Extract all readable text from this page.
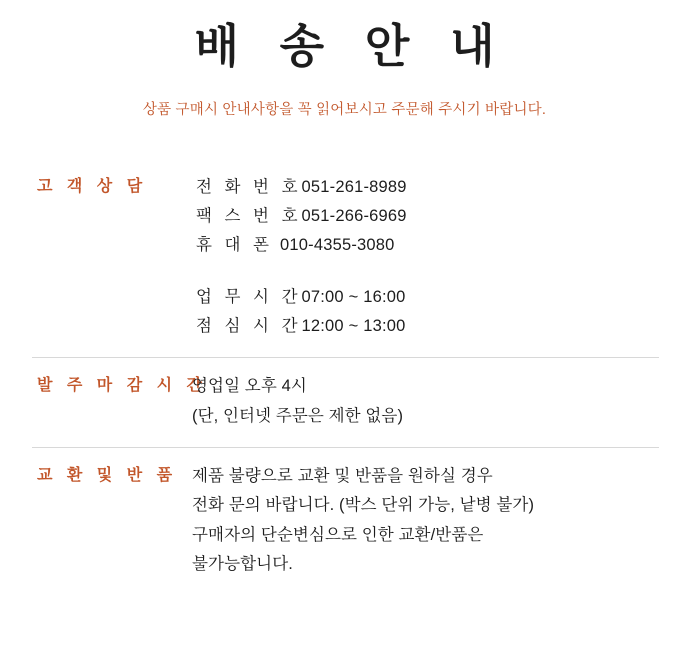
배 송 안 내
상품 구매시 안내사항을 꼭 읽어보시고 주문해 주시기 바랍니다.
고 객 상 담	전 화 번 호051-261-8989
팩 스 번 호051-266-6969
휴 대 폰 010-4355-3080
업 무 시 간07:00 ~ 16:00
점 심 시 간12:00 ~ 13:00
발 주 마 감 시 간
영업일 오후 4시
(단, 인터넷 주문은 제한 없음)
교 환 및 반 품 제품 불량으로 교환 및 반품을 원하실 경우
전화 문의 바랍니다. (박스 단위 가능, 낱병 불가)
구매자의 단순변심으로 인한 교환/반품은
불가능합니다.
